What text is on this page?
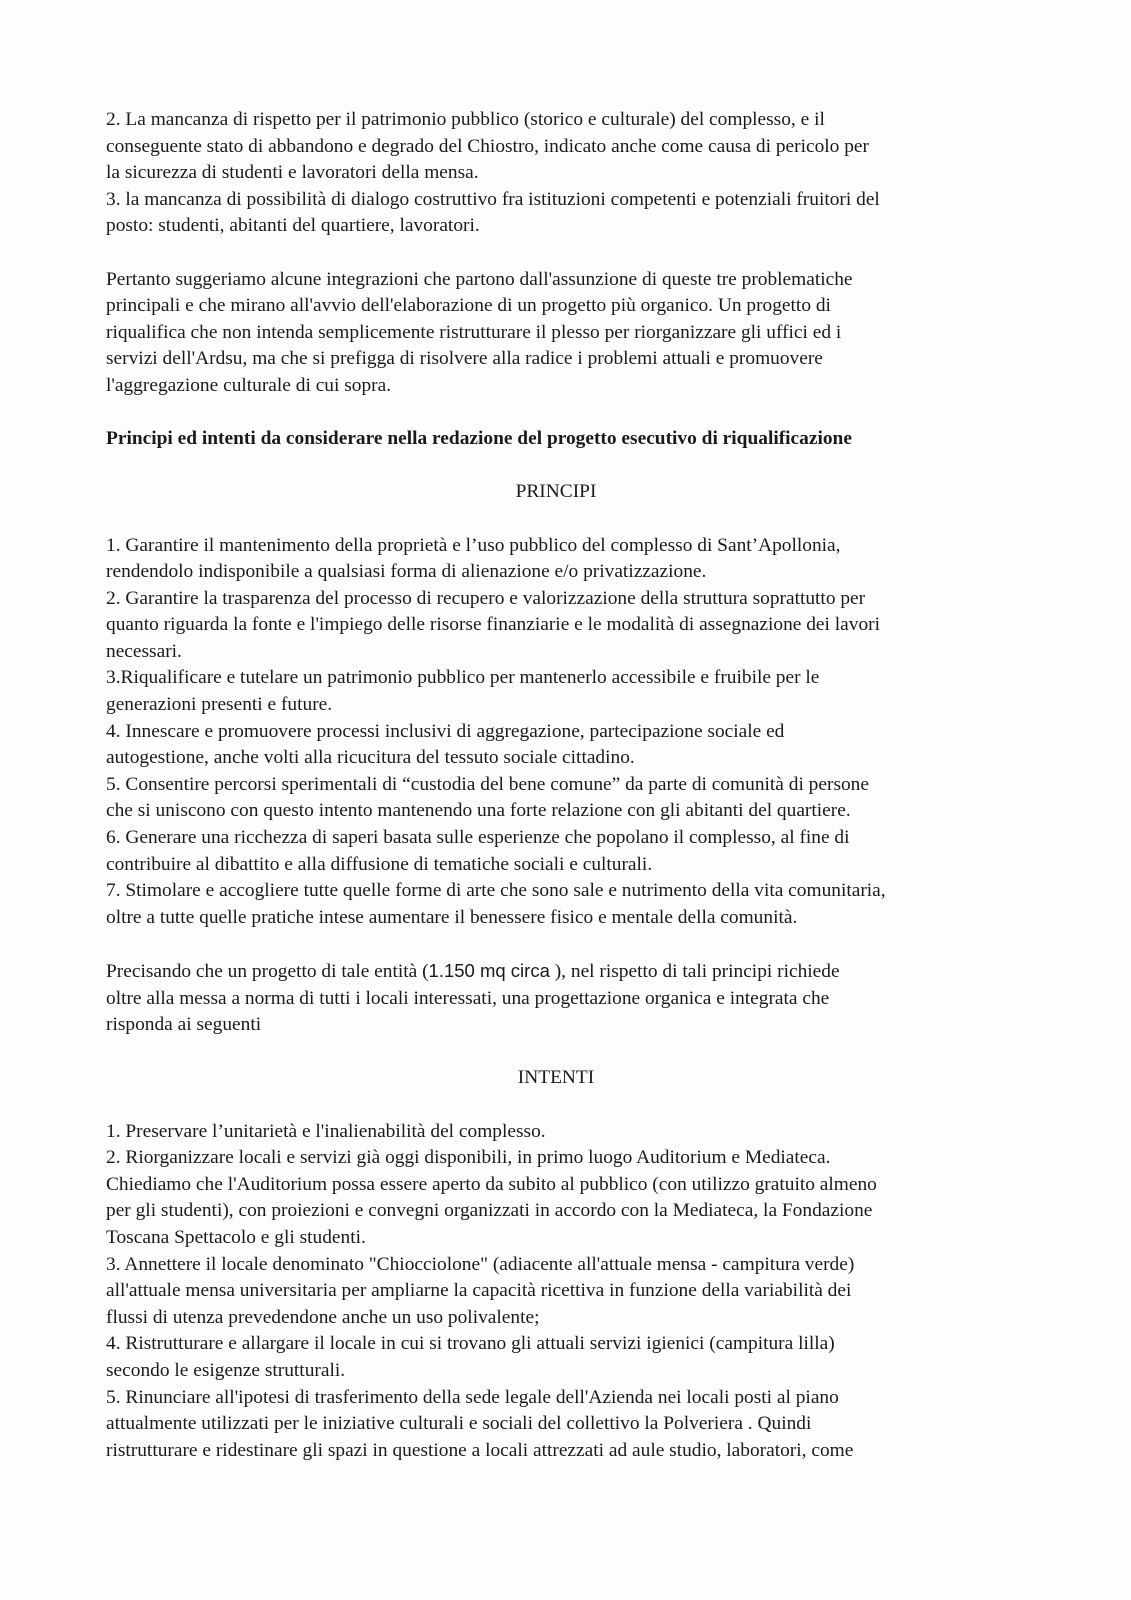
2. La mancanza di rispetto per il patrimonio pubblico (storico e culturale) del complesso, e il

conseguente stato di abbandono e degrado del Chiostro, indicato anche come causa di pericolo per

la sicurezza di studenti e lavoratori della mensa.

3. la mancanza di possibilità di dialogo costruttivo fra istituzioni competenti e potenziali fruitori del

posto: studenti, abitanti del quartiere, lavoratori.

Pertanto suggeriamo alcune integrazioni che partono dall'assunzione di queste tre problematiche

principali e che mirano all'avvio dell'elaborazione di un progetto più organico. Un progetto di

riqualifica che non intenda semplicemente ristrutturare il plesso per riorganizzare gli uffici ed i

servizi dell'Ardsu, ma che si prefigga di risolvere alla radice i problemi attuali e promuovere

l'aggregazione culturale di cui sopra.

Principi ed intenti da considerare nella redazione del progetto esecutivo di riqualificazione

PRINCIPI

1. Garantire il mantenimento della proprietà e l’uso pubblico del complesso di Sant’Apollonia,

rendendolo indisponibile a qualsiasi forma di alienazione e/o privatizzazione.

2. Garantire la trasparenza del processo di recupero e valorizzazione della struttura soprattutto per

quanto riguarda la fonte e l'impiego delle risorse finanziarie e le modalità di assegnazione dei lavori

necessari.

3.Riqualificare e tutelare un patrimonio pubblico per mantenerlo accessibile e fruibile per le

generazioni presenti e future.

4. Innescare e promuovere processi inclusivi di aggregazione, partecipazione sociale ed

autogestione, anche volti alla ricucitura del tessuto sociale cittadino.

5. Consentire percorsi sperimentali di “custodia del bene comune” da parte di comunità di persone

che si uniscono con questo intento mantenendo una forte relazione con gli abitanti del quartiere.

6. Generare una ricchezza di saperi basata sulle esperienze che popolano il complesso, al fine di

contribuire al dibattito e alla diffusione di tematiche sociali e culturali.

7. Stimolare e accogliere tutte quelle forme di arte che sono sale e nutrimento della vita comunitaria,

oltre a tutte quelle pratiche intese aumentare il benessere fisico e mentale della comunità.

Precisando che un progetto di tale entità (1.150 mq circa ), nel rispetto di tali principi richiede

oltre alla messa a norma di tutti i locali interessati, una progettazione organica e integrata che

risponda ai seguenti

INTENTI

1. Preservare l’unitarietà e l'inalienabilità del complesso.

2. Riorganizzare locali e servizi già oggi disponibili, in primo luogo Auditorium e Mediateca.

Chiediamo che l'Auditorium possa essere aperto da subito al pubblico (con utilizzo gratuito almeno

per gli studenti), con proiezioni e convegni organizzati in accordo con la Mediateca, la Fondazione

Toscana Spettacolo e gli studenti.

3. Annettere il locale denominato "Chiocciolone" (adiacente all'attuale mensa - campitura verde)

all'attuale mensa universitaria per ampliarne la capacità ricettiva in funzione della variabilità dei

flussi di utenza prevedendone anche un uso polivalente;

4. Ristrutturare e allargare il locale in cui si trovano gli attuali servizi igienici (campitura lilla)

secondo le esigenze strutturali.

5. Rinunciare all'ipotesi di trasferimento della sede legale dell'Azienda nei locali posti al piano

attualmente utilizzati per le iniziative culturali e sociali del collettivo la Polveriera . Quindi

ristrutturare e ridestinare gli spazi in questione a locali attrezzati ad aule studio, laboratori, come
